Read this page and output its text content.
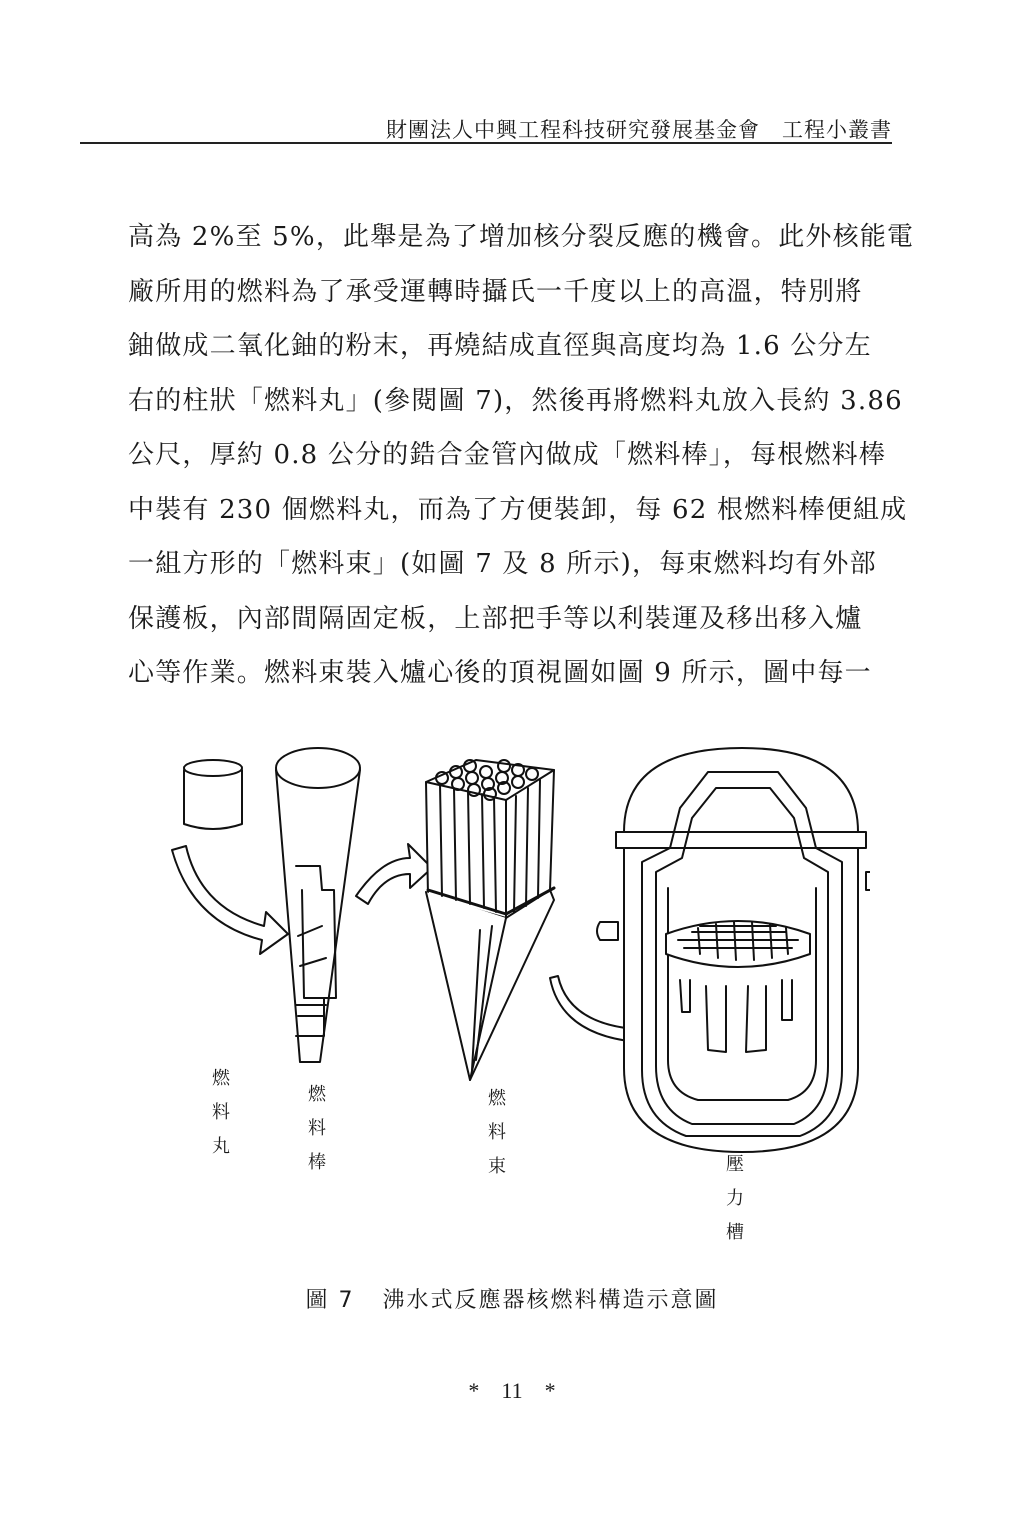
財團法人中興工程科技研究發展基金會　工程小叢書
高為 2%至 5%，此舉是為了增加核分裂反應的機會。此外核能電
廠所用的燃料為了承受運轉時攝氏一千度以上的高溫，特別將
鈾做成二氧化鈾的粉末，再燒結成直徑與高度均為 1.6 公分左
右的柱狀「燃料丸」(參閱圖 7)，然後再將燃料丸放入長約 3.86
公尺，厚約 0.8 公分的鋯合金管內做成「燃料棒」，每根燃料棒
中裝有 230 個燃料丸，而為了方便裝卸，每 62 根燃料棒便組成
一組方形的「燃料束」(如圖 7 及 8 所示)，每束燃料均有外部
保護板，內部間隔固定板，上部把手等以利裝運及移出移入爐
心等作業。燃料束裝入爐心後的頂視圖如圖 9 所示，圖中每一
燃料丸	燃料棒	燃料束
壓力槽
圖 7 沸水式反應器核燃料構造示意圖
*　11　*
